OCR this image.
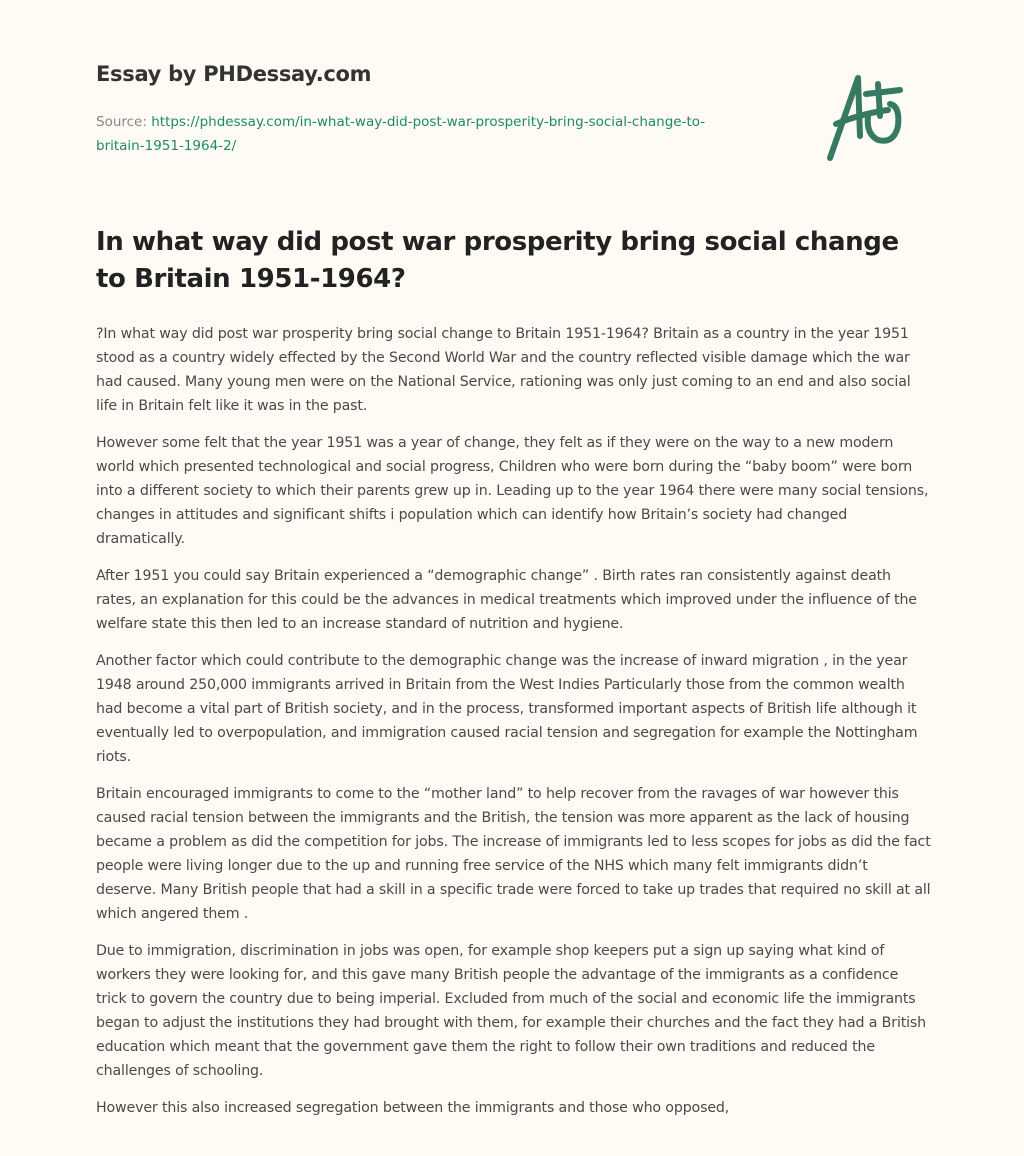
Essay by PHDessay.com

Source: https://phdessay.com/in-what-way-did-post-war-prosperity-bring-social-change-to-britain-1951-1964-2/
In what way did post war prosperity bring social change to Britain 1951-1964?

?In what way did post war prosperity bring social change to Britain 1951-1964? Britain as a country in the year 1951 stood as a country widely effected by the Second World War and the country reflected visible damage which the war had caused. Many young men were on the National Service, rationing was only just coming to an end and also social life in Britain felt like it was in the past.

However some felt that the year 1951 was a year of change, they felt as if they were on the way to a new modern world which presented technological and social progress, Children who were born during the “baby boom” were born into a different society to which their parents grew up in. Leading up to the year 1964 there were many social tensions, changes in attitudes and significant shifts i population which can identify how Britain’s society had changed dramatically.

After 1951 you could say Britain experienced a “demographic change” . Birth rates ran consistently against death rates, an explanation for this could be the advances in medical treatments which improved under the influence of the welfare state this then led to an increase standard of nutrition and hygiene.

Another factor which could contribute to the demographic change was the increase of inward migration , in the year 1948 around 250,000 immigrants arrived in Britain from the West Indies Particularly those from the common wealth had become a vital part of British society, and in the process, transformed important aspects of British life although it eventually led to overpopulation, and immigration caused racial tension and segregation for example the Nottingham riots.

Britain encouraged immigrants to come to the “mother land” to help recover from the ravages of war however this caused racial tension between the immigrants and the British, the tension was more apparent as the lack of housing became a problem as did the competition for jobs. The increase of immigrants led to less scopes for jobs as did the fact people were living longer due to the up and running free service of the NHS which many felt immigrants didn’t deserve. Many British people that had a skill in a specific trade were forced to take up trades that required no skill at all which angered them .

Due to immigration, discrimination in jobs was open, for example shop keepers put a sign up saying what kind of workers they were looking for, and this gave many British people the advantage of the immigrants as a confidence trick to govern the country due to being imperial. Excluded from much of the social and economic life the immigrants began to adjust the institutions they had brought with them, for example their churches and the fact they had a British education which meant that the government gave them the right to follow their own traditions and reduced the challenges of schooling.

However this also increased segregation between the immigrants and those who opposed,
